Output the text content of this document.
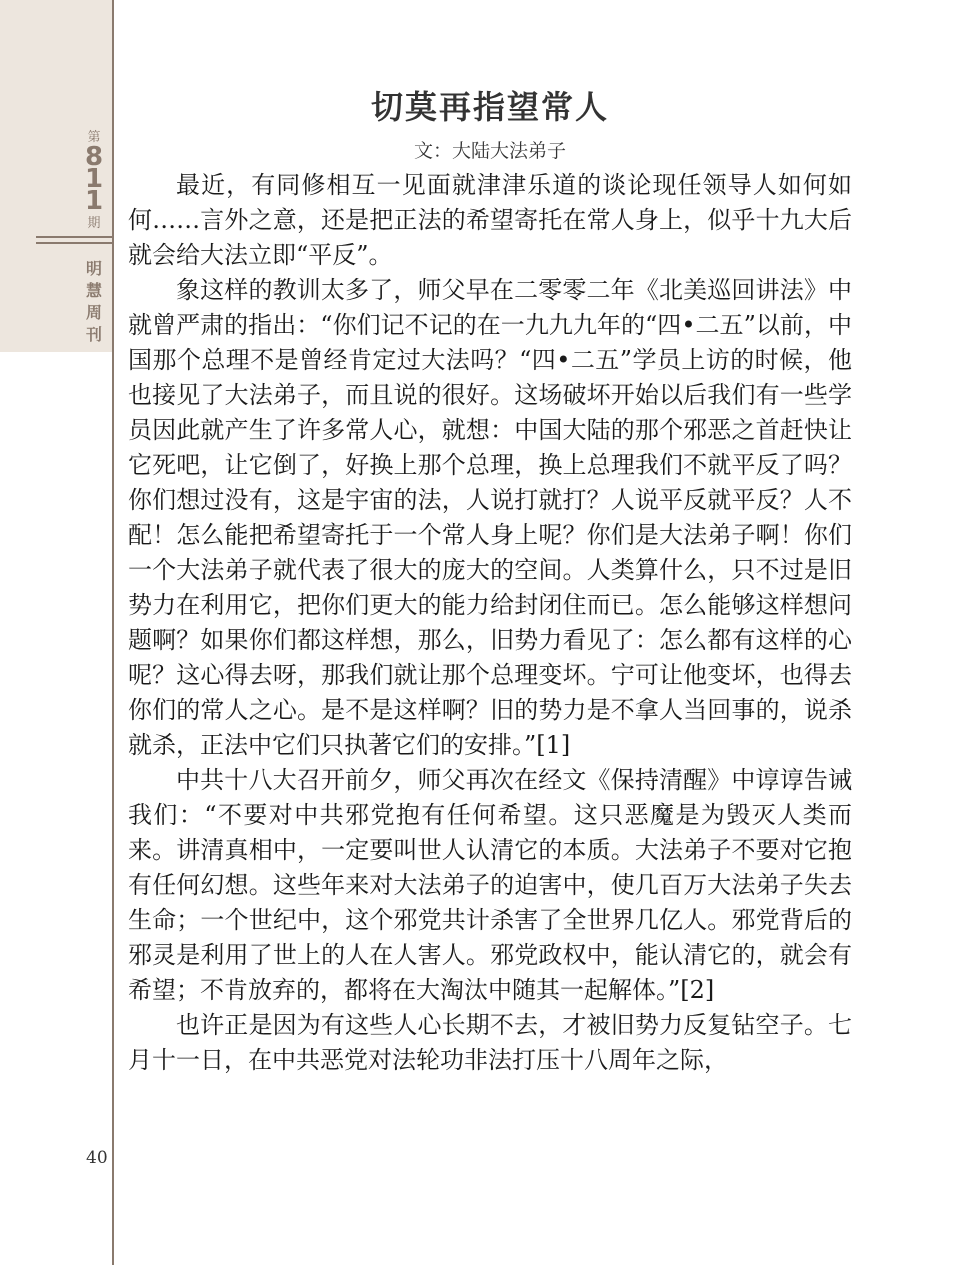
第
8
1
1
期
明
慧
周
刊
切莫再指望常人
文：大陆大法弟子

最近，有同修相互一见面就津津乐道的谈论现任领导人如何如何……言外之意，还是把正法的希望寄托在常人身上，似乎十九大后就会给大法立即“平反”。

象这样的教训太多了，师父早在二零零二年《北美巡回讲法》中就曾严肃的指出：“你们记不记的在一九九九年的“四•二五”以前，中国那个总理不是曾经肯定过大法吗？“四•二五”学员上访的时候，他也接见了大法弟子，而且说的很好。这场破坏开始以后我们有一些学员因此就产生了许多常人心，就想：中国大陆的那个邪恶之首赶快让它死吧，让它倒了，好换上那个总理，换上总理我们不就平反了吗？你们想过没有，这是宇宙的法，人说打就打？人说平反就平反？人不配！怎么能把希望寄托于一个常人身上呢？你们是大法弟子啊！你们一个大法弟子就代表了很大的庞大的空间。人类算什么，只不过是旧势力在利用它，把你们更大的能力给封闭住而已。怎么能够这样想问题啊？如果你们都这样想，那么，旧势力看见了：怎么都有这样的心呢？这心得去呀，那我们就让那个总理变坏。宁可让他变坏，也得去你们的常人之心。是不是这样啊？旧的势力是不拿人当回事的，说杀就杀，正法中它们只执著它们的安排。”[1]

中共十八大召开前夕，师父再次在经文《保持清醒》中谆谆告诫我们：“不要对中共邪党抱有任何希望。这只恶魔是为毁灭人类而来。讲清真相中，一定要叫世人认清它的本质。大法弟子不要对它抱有任何幻想。这些年来对大法弟子的迫害中，使几百万大法弟子失去生命；一个世纪中，这个邪党共计杀害了全世界几亿人。邪党背后的邪灵是利用了世上的人在人害人。邪党政权中，能认清它的，就会有希望；不肯放弃的，都将在大淘汰中随其一起解体。”[2]

也许正是因为有这些人心长期不去，才被旧势力反复钻空子。七月十一日，在中共恶党对法轮功非法打压十八周年之际，

40
